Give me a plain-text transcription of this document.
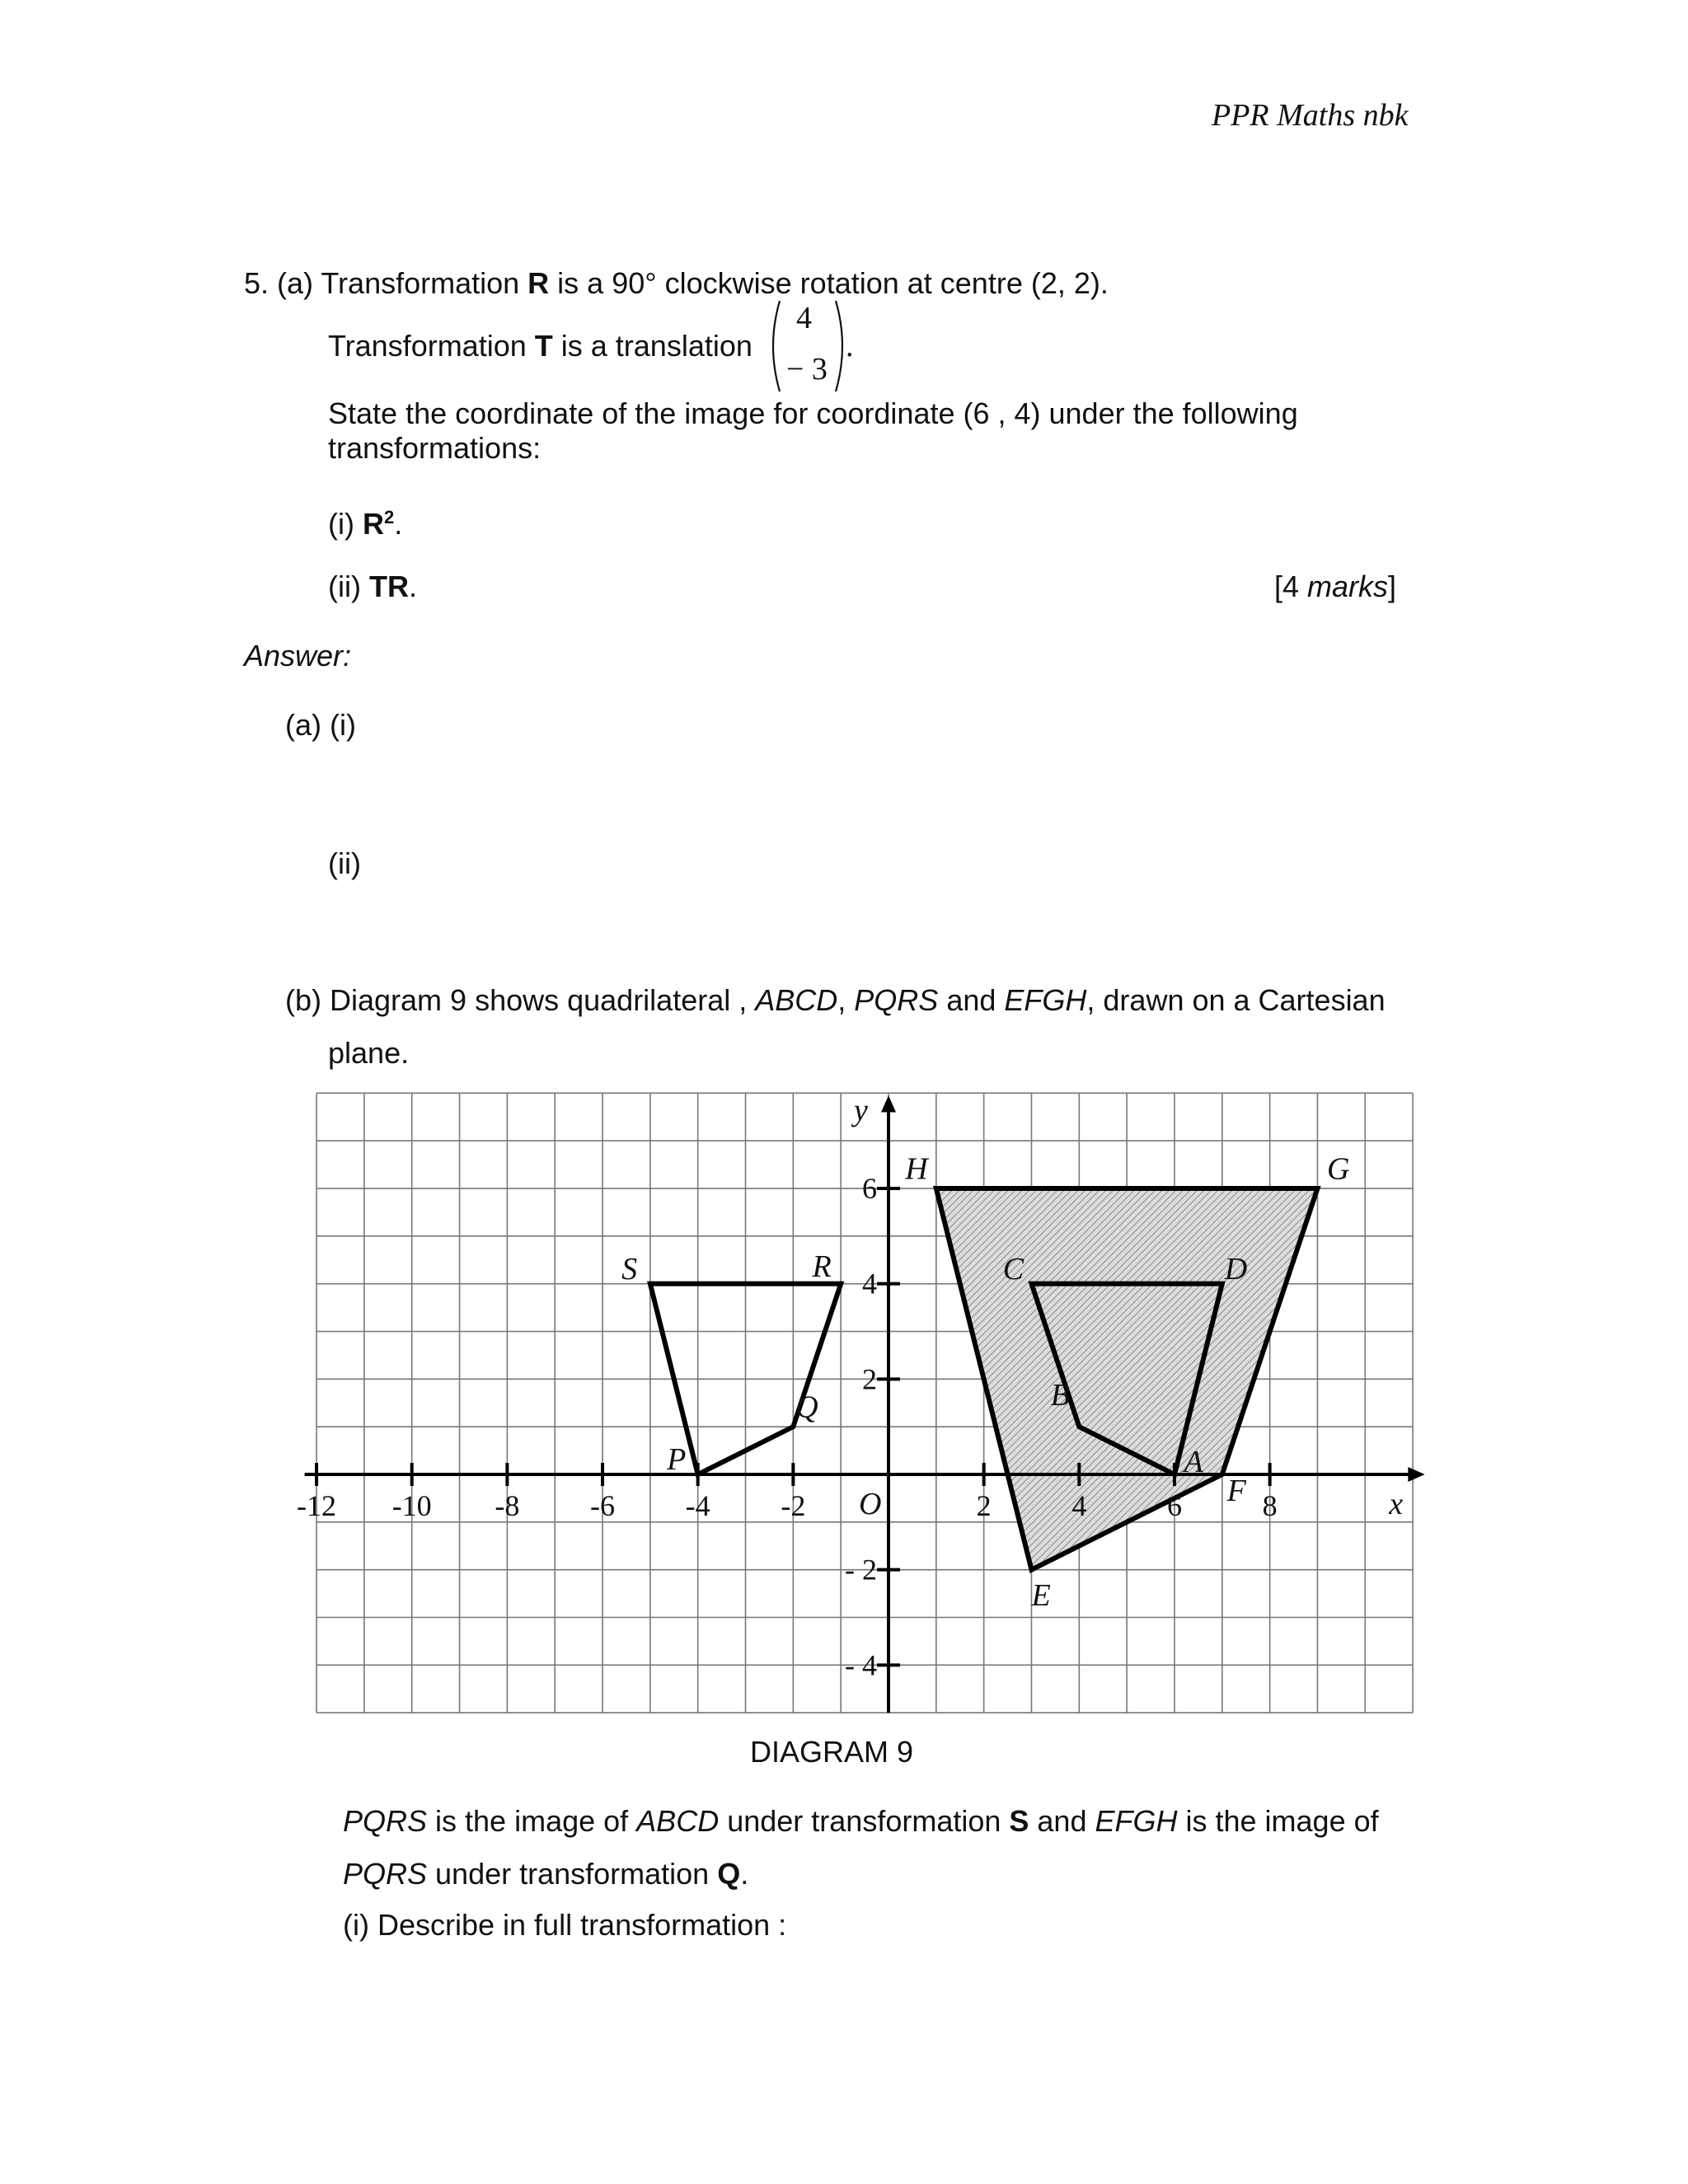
PPR Maths nbk
5. (a) Transformation R is a 90° clockwise rotation at centre (2, 2).
Transformation T is a translation
4
− 3
.
State the coordinate of the image for coordinate (6 , 4) under the following
transformations:
(i) $R^2$.
(ii) TR.	[4 marks]
Answer:
(a) (i)
(ii)
(b) Diagram 9 shows quadrilateral , ABCD, PQRS and EFGH, drawn on a Cartesian
plane.
-12 -10 -8 -6 -4 -2	2	4	6	8
6
4
2
- 2
- 4
x
y
O
A
B
C	D
P
Q
R
S
E
F
G
H
DIAGRAM 9
PQRS is the image of ABCD under transformation S and EFGH is the image of
PQRS under transformation Q.
(i) Describe in full transformation :
